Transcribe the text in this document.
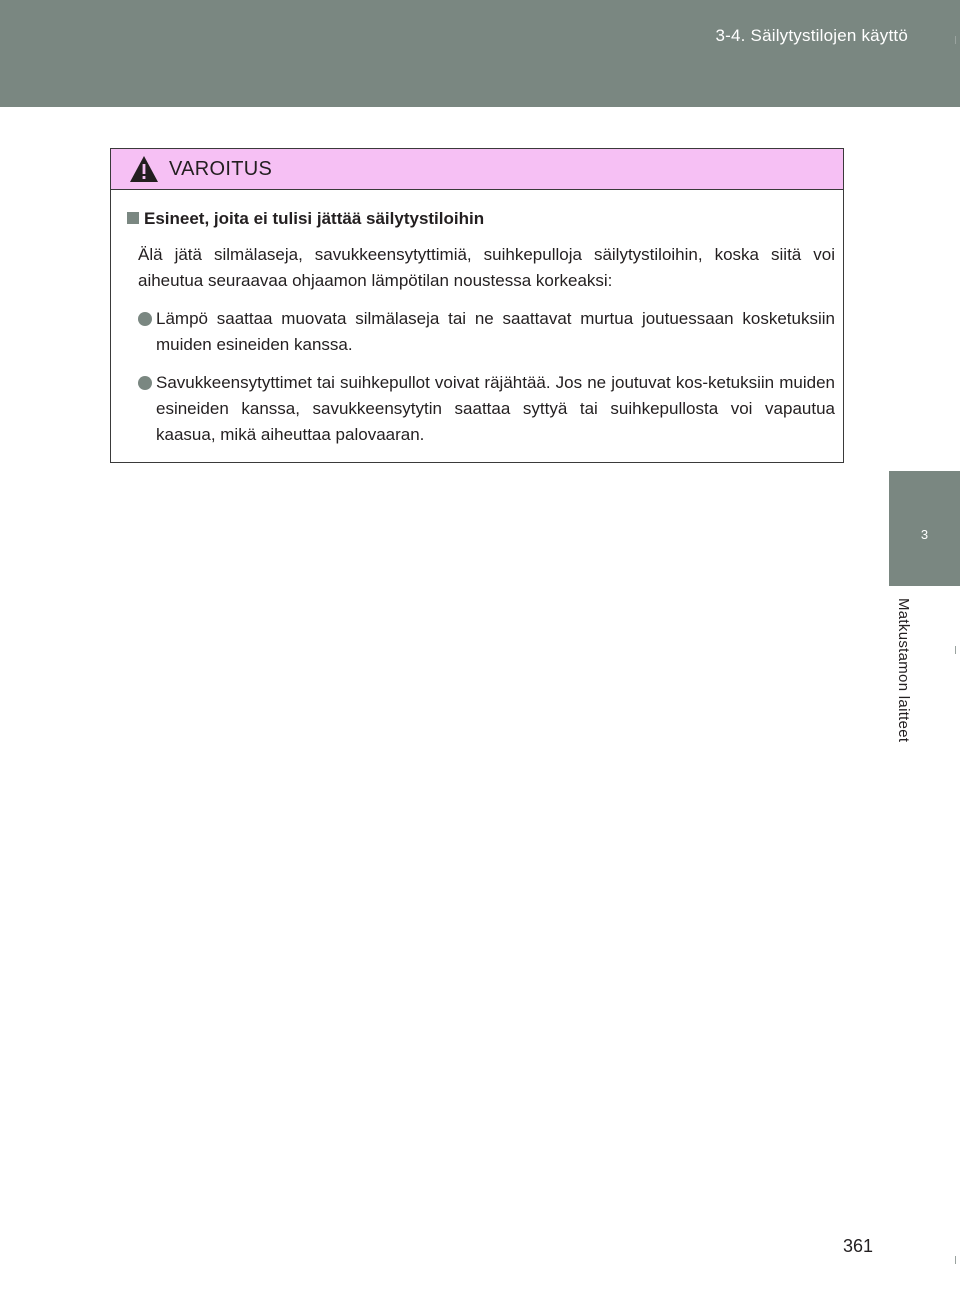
3-4. Säilytystilojen käyttö
3
Matkustamon laitteet
VAROITUS
Esineet, joita ei tulisi jättää säilytystiloihin
Älä jätä silmälaseja, savukkeensytyttimiä, suihkepulloja säilytystiloihin, koska siitä voi aiheutua seuraavaa ohjaamon lämpötilan noustessa korkeaksi:
Lämpö saattaa muovata silmälaseja tai ne saattavat murtua joutuessaan kosketuksiin muiden esineiden kanssa.
Savukkeensytyttimet tai suihkepullot voivat räjähtää. Jos ne joutuvat kos-ketuksiin muiden esineiden kanssa, savukkeensytytin saattaa syttyä tai suihkepullosta voi vapautua kaasua, mikä aiheuttaa palovaaran.
361
